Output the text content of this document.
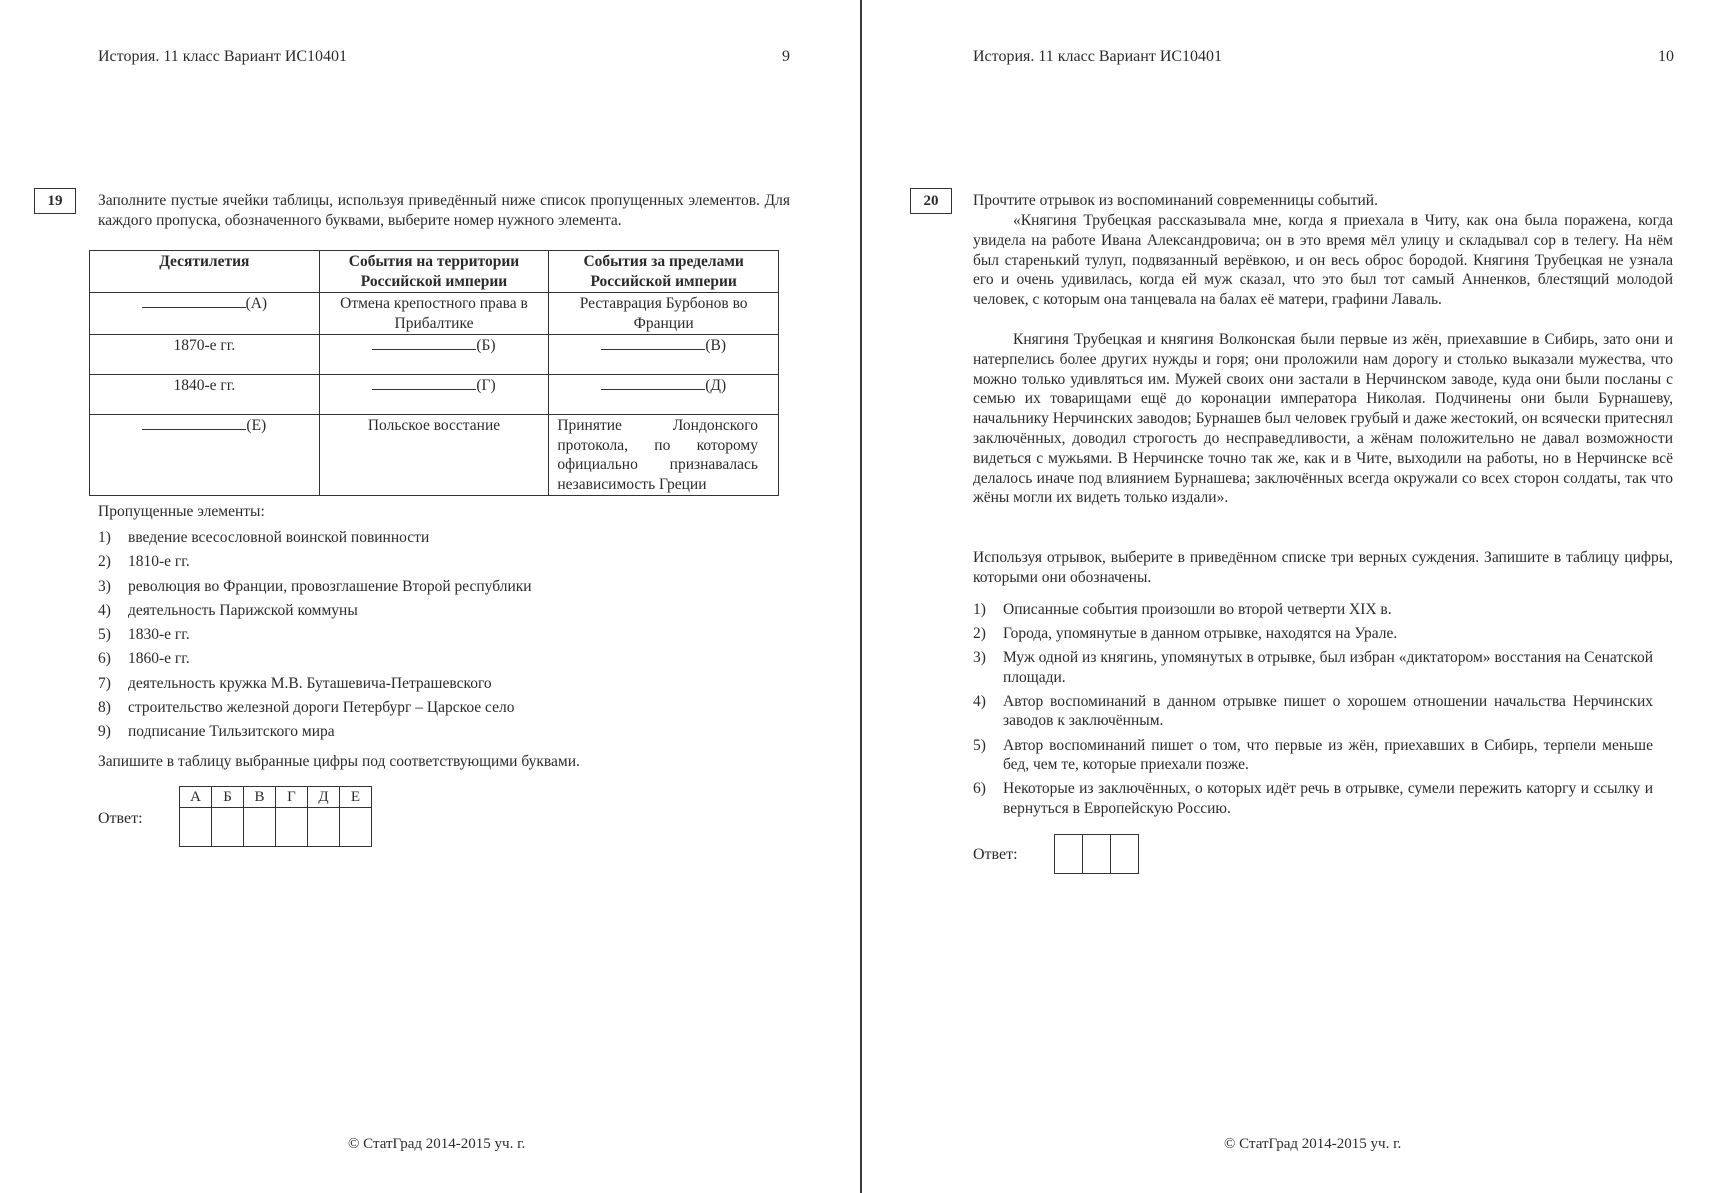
История. 11 класс Вариант ИС10401	9
19	Заполните пустые ячейки таблицы, используя приведённый ниже список пропущенных элементов. Для каждого пропуска, обозначенного буквами, выберите номер нужного элемента.
Десятилетия	События на территории Российской империи	События за пределами Российской империи
(А)	Отмена крепостного права в Прибалтике	Реставрация Бурбонов во Франции
1870-е гг.	(Б)	(В)
1840-е гг.	(Г)	(Д)
(Е)	Польское восстание	Принятие Лондонского протокола, по которому официально признавалась независимость Греции
Пропущенные элементы:
1) введение всесословной воинской повинности
2) 1810-е гг.
3) революция во Франции, провозглашение Второй республики
4) деятельность Парижской коммуны
5) 1830-е гг.
6) 1860-е гг.
7) деятельность кружка М.В. Буташевича-Петрашевского
8) строительство железной дороги Петербург – Царское село
9) подписание Тильзитского мира
Запишите в таблицу выбранные цифры под соответствующими буквами.
Ответ:
А	Б	В	Г	Д	Е

© СтатГрад 2014-2015 уч. г.
История. 11 класс Вариант ИС10401	10
20	Прочтите отрывок из воспоминаний современницы событий.
«Княгиня Трубецкая рассказывала мне, когда я приехала в Читу, как она была поражена, когда увидела на работе Ивана Александровича; он в это время мёл улицу и складывал сор в телегу. На нём был старенький тулуп, подвязанный верёвкою, и он весь оброс бородой. Княгиня Трубецкая не узнала его и очень удивилась, когда ей муж сказал, что это был тот самый Анненков, блестящий молодой человек, с которым она танцевала на балах её матери, графини Лаваль.
Княгиня Трубецкая и княгиня Волконская были первые из жён, приехавшие в Сибирь, зато они и натерпелись более других нужды и горя; они проложили нам дорогу и столько выказали мужества, что можно только удивляться им. Мужей своих они застали в Нерчинском заводе, куда они были посланы с семью их товарищами ещё до коронации императора Николая. Подчинены они были Бурнашеву, начальнику Нерчинских заводов; Бурнашев был человек грубый и даже жестокий, он всячески притеснял заключённых, доводил строгость до несправедливости, а жёнам положительно не давал возможности видеться с мужьями. В Нерчинске точно так же, как и в Чите, выходили на работы, но в Нерчинске всё делалось иначе под влиянием Бурнашева; заключённых всегда окружали со всех сторон солдаты, так что жёны могли их видеть только издали».
Используя отрывок, выберите в приведённом списке три верных суждения. Запишите в таблицу цифры, которыми они обозначены.
1) Описанные события произошли во второй четверти XIX в.
2) Города, упомянутые в данном отрывке, находятся на Урале.
3) Муж одной из княгинь, упомянутых в отрывке, был избран «диктатором» восстания на Сенатской площади.
4) Автор воспоминаний в данном отрывке пишет о хорошем отношении начальства Нерчинских заводов к заключённым.
5) Автор воспоминаний пишет о том, что первые из жён, приехавших в Сибирь, терпели меньше бед, чем те, которые приехали позже.
6) Некоторые из заключённых, о которых идёт речь в отрывке, сумели пережить каторгу и ссылку и вернуться в Европейскую Россию.
Ответ:

© СтатГрад 2014-2015 уч. г.
